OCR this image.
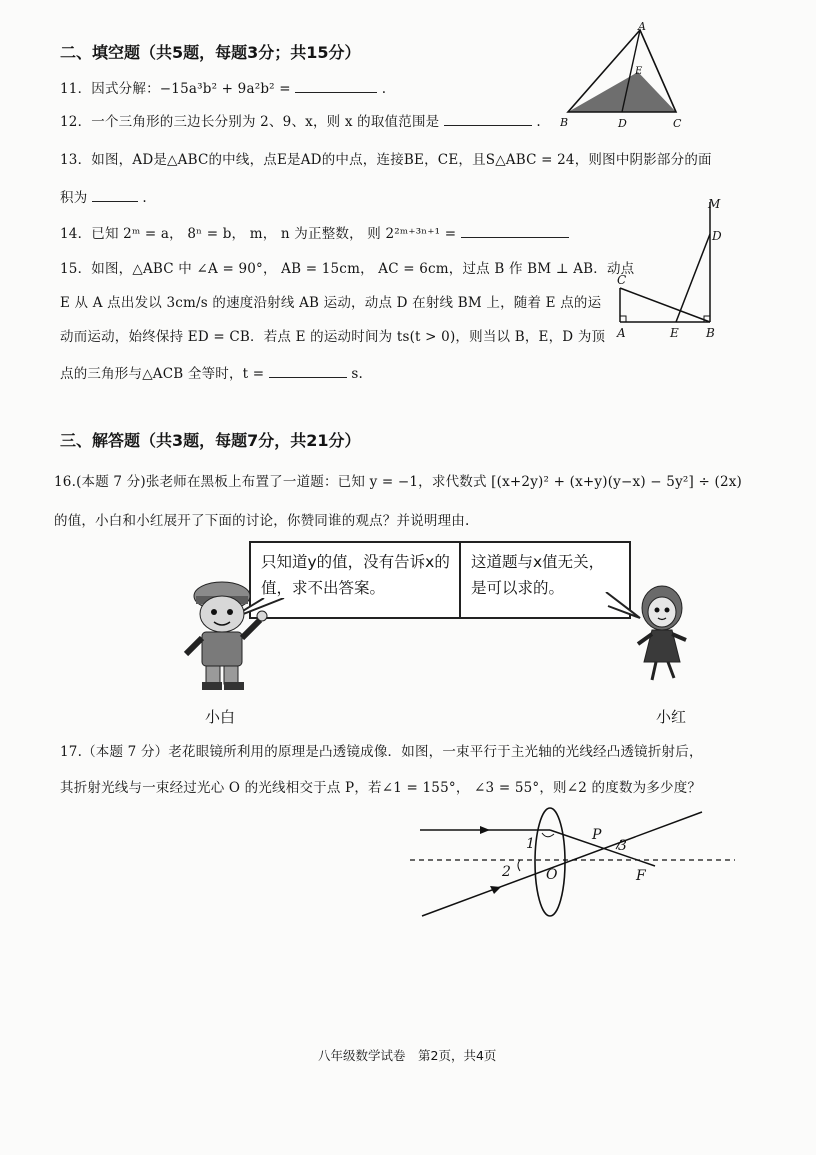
二、填空题（共5题，每题3分；共15分）
11．因式分解：−15a³b² + 9a²b² =	.
12．一个三角形的三边长分别为 2、9、x，则 x 的取值范围是	.
A
B	C
D
E
13．如图，AD是△ABC的中线，点E是AD的中点，连接BE，CE，且S△ABC = 24，则图中阴影部分的面
积为	.
14．已知 2ᵐ = a， 8ⁿ = b， m， n 为正整数， 则 2²ᵐ⁺³ⁿ⁺¹ =
M
D
C
A	E B
15．如图，△ABC 中 ∠A = 90°， AB = 15cm， AC = 6cm，过点 B 作 BM ⊥ AB．动点
E 从 A 点出发以 3cm/s 的速度沿射线 AB 运动，动点 D 在射线 BM 上，随着 E 点的运
动而运动，始终保持 ED = CB．若点 E 的运动时间为 ts(t > 0)，则当以 B，E，D 为顶
点的三角形与△ACB 全等时，t =	s.
三、解答题（共3题，每题7分，共21分）
16.(本题 7 分)张老师在黑板上布置了一道题：已知 y = −1，求代数式 [(x+2y)² + (x+y)(y−x) − 5y²] ÷ (2x)
的值，小白和小红展开了下面的讨论，你赞同谁的观点？并说明理由.
只知道y的值，没有告诉x的值，求不出答案。
这道题与x值无关，是可以求的。
小白	小红
17.（本题 7 分）老花眼镜所利用的原理是凸透镜成像．如图，一束平行于主光轴的光线经凸透镜折射后，
其折射光线与一束经过光心 O 的光线相交于点 P，若∠1 = 155°， ∠3 = 55°，则∠2 的度数为多少度？
1
2
3
O
P
F
八年级数学试卷　第2页，共4页
